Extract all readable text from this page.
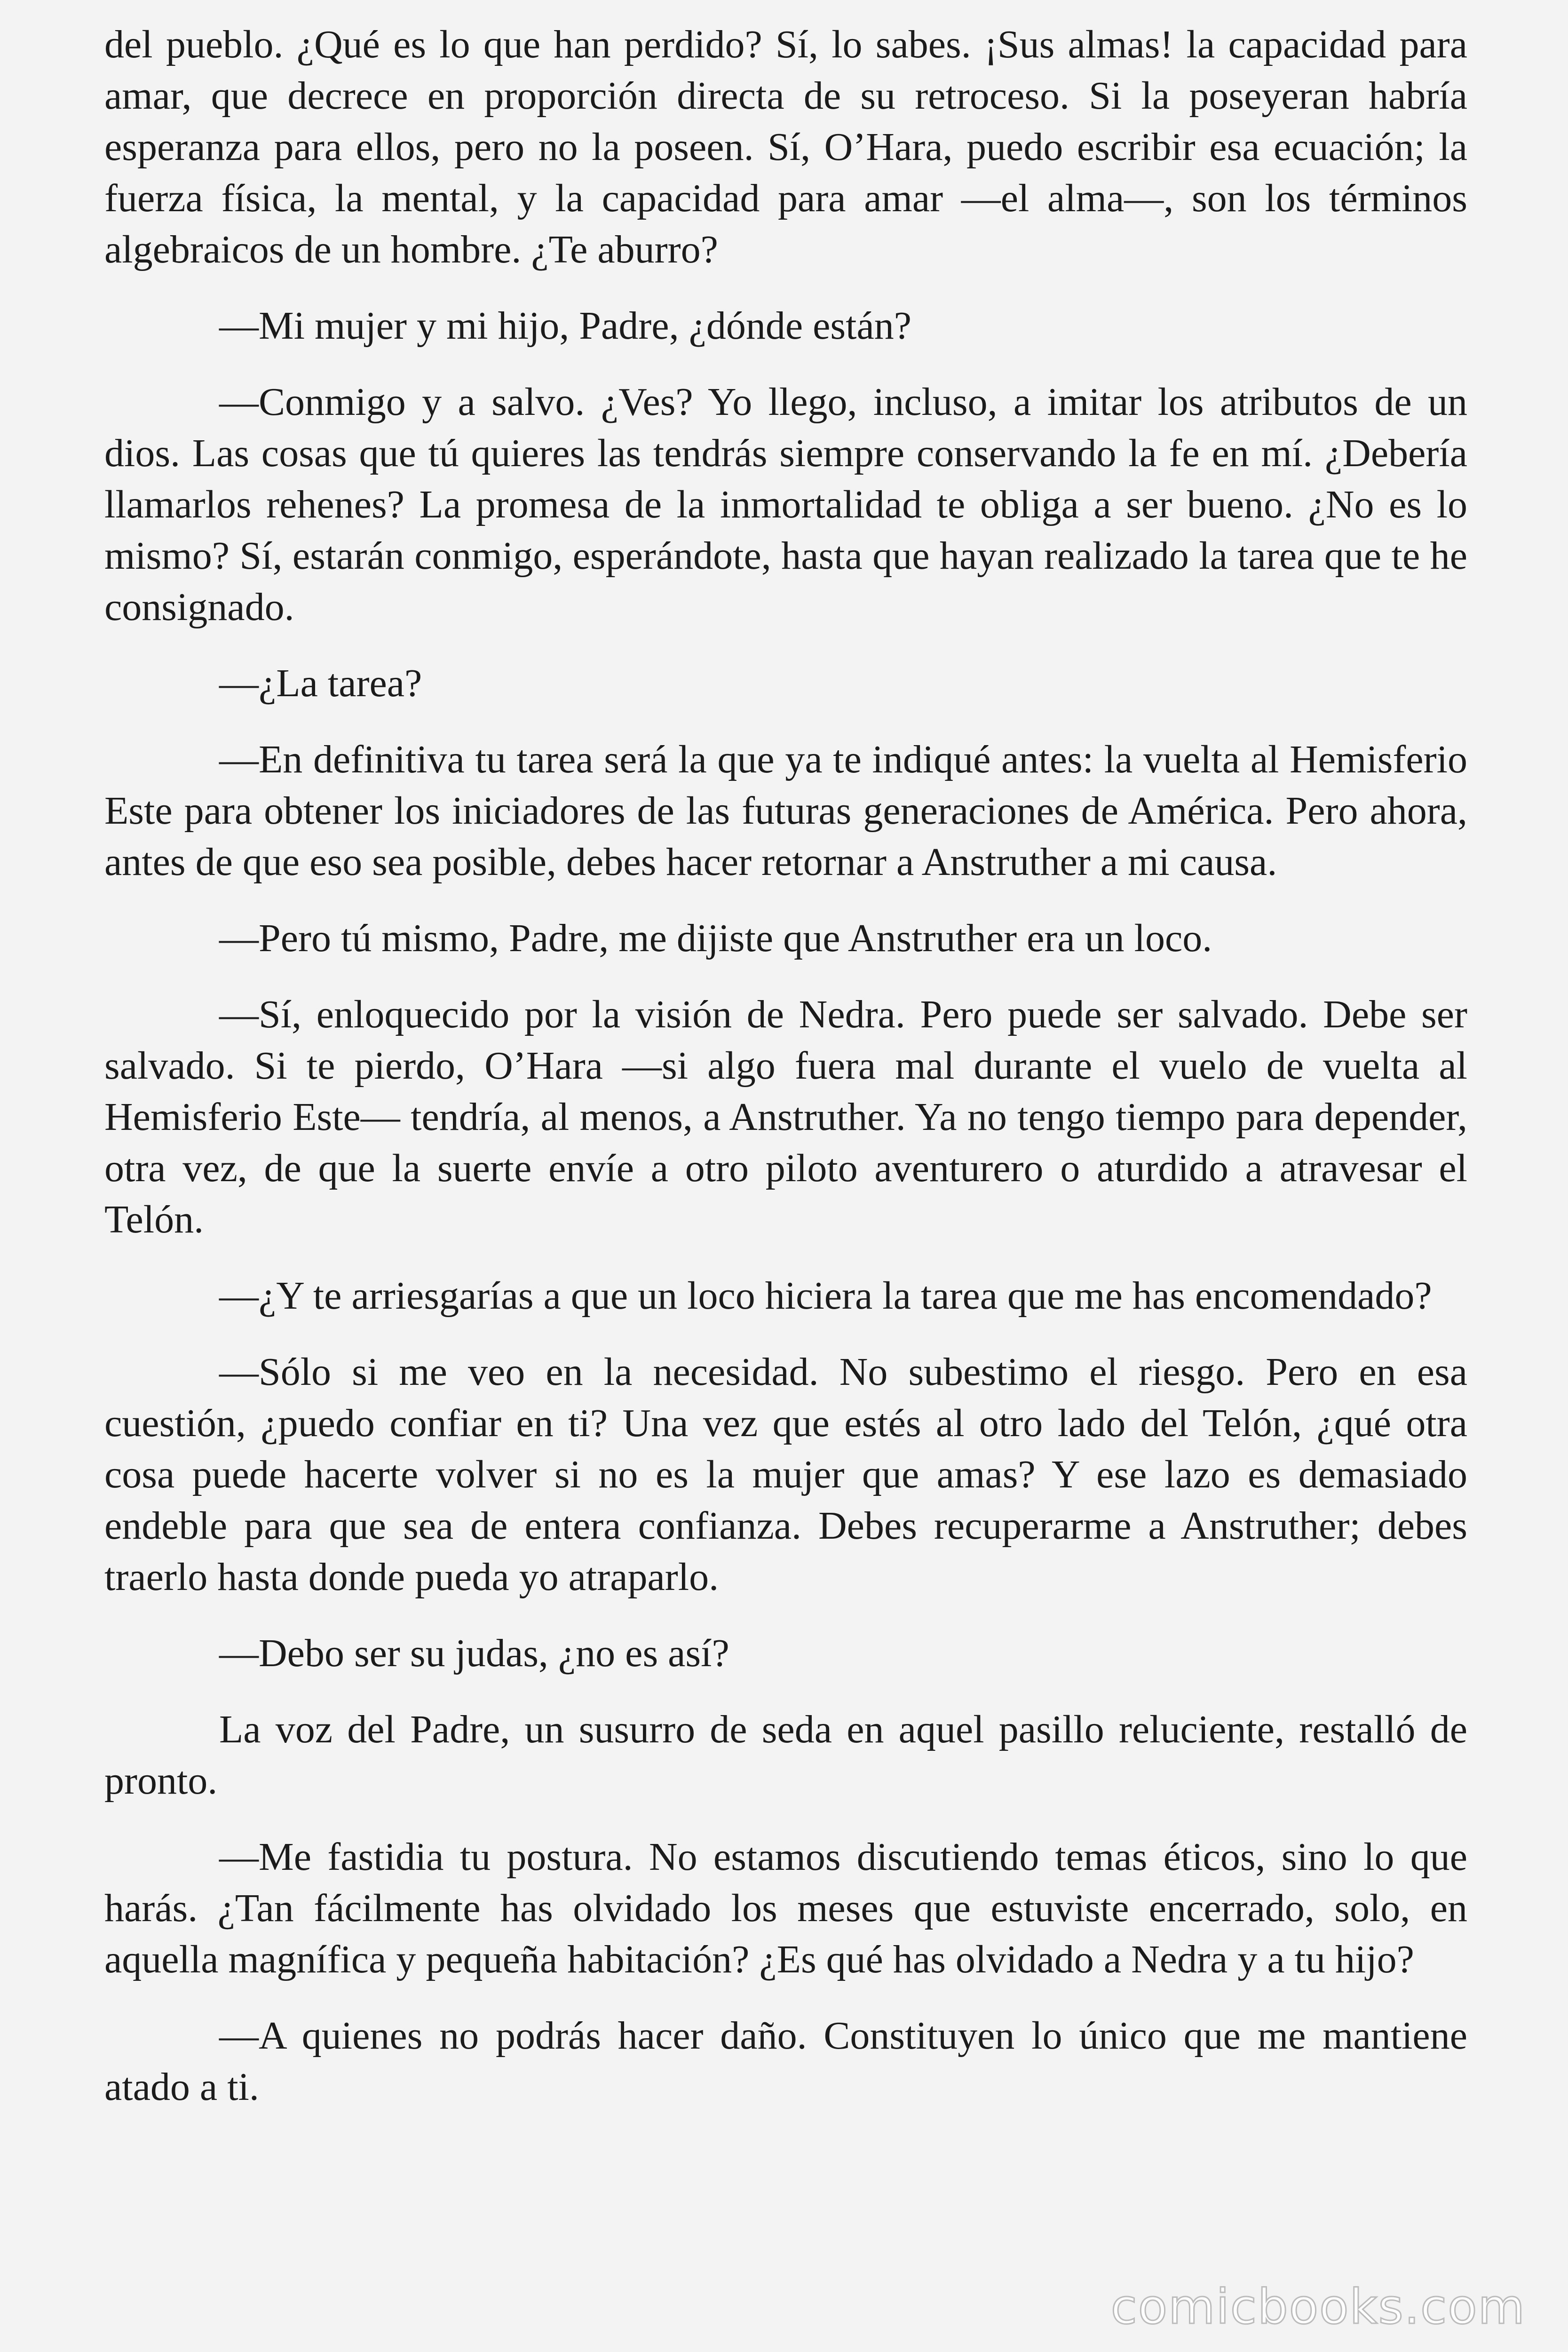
del pueblo. ¿Qué es lo que han perdido? Sí, lo sabes. ¡Sus almas! la capacidad para amar, que decrece en proporción directa de su retroceso. Si la poseyeran habría esperanza para ellos, pero no la poseen. Sí, O’Hara, puedo escribir esa ecuación; la fuerza física, la mental, y la capacidad para amar —el alma—, son los términos algebraicos de un hombre. ¿Te aburro?

—Mi mujer y mi hijo, Padre, ¿dónde están?

—Conmigo y a salvo. ¿Ves? Yo llego, incluso, a imitar los atributos de un dios. Las cosas que tú quieres las tendrás siempre conservando la fe en mí. ¿Debería llamarlos rehenes? La promesa de la inmortalidad te obliga a ser bueno. ¿No es lo mismo? Sí, estarán conmigo, esperándote, hasta que hayan realizado la tarea que te he consignado.

—¿La tarea?

—En definitiva tu tarea será la que ya te indiqué antes: la vuelta al Hemisferio Este para obtener los iniciadores de las futuras generaciones de América. Pero ahora, antes de que eso sea posible, debes hacer retornar a Anstruther a mi causa.

—Pero tú mismo, Padre, me dijiste que Anstruther era un loco.

—Sí, enloquecido por la visión de Nedra. Pero puede ser salvado. Debe ser salvado. Si te pierdo, O’Hara —si algo fuera mal durante el vuelo de vuelta al Hemisferio Este— tendría, al menos, a Anstruther. Ya no tengo tiempo para depender, otra vez, de que la suerte envíe a otro piloto aventurero o aturdido a atravesar el Telón.

—¿Y te arriesgarías a que un loco hiciera la tarea que me has encomendado?

—Sólo si me veo en la necesidad. No subestimo el riesgo. Pero en esa cuestión, ¿puedo confiar en ti? Una vez que estés al otro lado del Telón, ¿qué otra cosa puede hacerte volver si no es la mujer que amas? Y ese lazo es demasiado endeble para que sea de entera confianza. Debes recuperarme a Anstruther; debes traerlo hasta donde pueda yo atraparlo.

—Debo ser su judas, ¿no es así?

La voz del Padre, un susurro de seda en aquel pasillo reluciente, restalló de pronto.

—Me fastidia tu postura. No estamos discutiendo temas éticos, sino lo que harás. ¿Tan fácilmente has olvidado los meses que estuviste encerrado, solo, en aquella magnífica y pequeña habitación? ¿Es qué has olvidado a Nedra y a tu hijo?

—A quienes no podrás hacer daño. Constituyen lo único que me mantiene atado a ti.

comicbooks.com
